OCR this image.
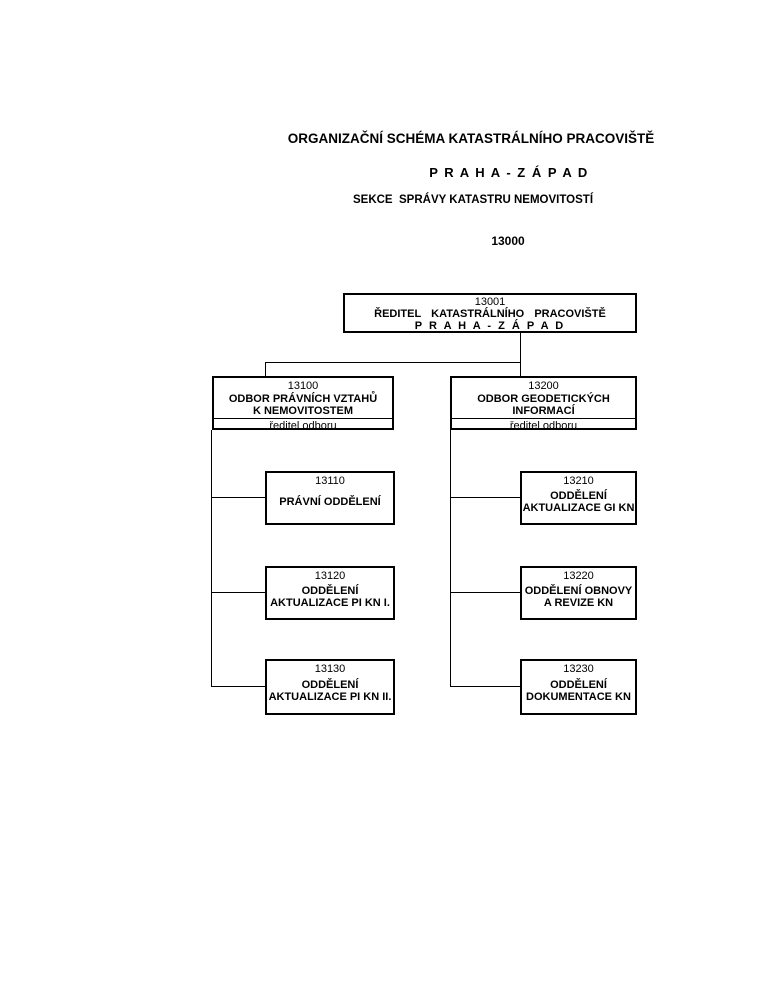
ORGANIZAČNÍ SCHÉMA KATASTRÁLNÍHO PRACOVIŠTĚ
P R A H A - Z Á P A D
SEKCE  SPRÁVY KATASTRU NEMOVITOSTÍ
13000
13001
ŘEDITEL  KATASTRÁLNÍHO  PRACOVIŠTĚ
P R A H A - Z Á P A D
13100
ODBOR PRÁVNÍCH VZTAHŮ
K NEMOVITOSTEM
ředitel odboru
13200
ODBOR GEODETICKÝCH
INFORMACÍ
ředitel odboru
13110
PRÁVNÍ ODDĚLENÍ
13120
ODDĚLENÍ
AKTUALIZACE PI KN I.
13130
ODDĚLENÍ
AKTUALIZACE PI KN II.
13210
ODDĚLENÍ
AKTUALIZACE GI KN
13220
ODDĚLENÍ OBNOVY
A REVIZE KN
13230
ODDĚLENÍ
DOKUMENTACE KN
